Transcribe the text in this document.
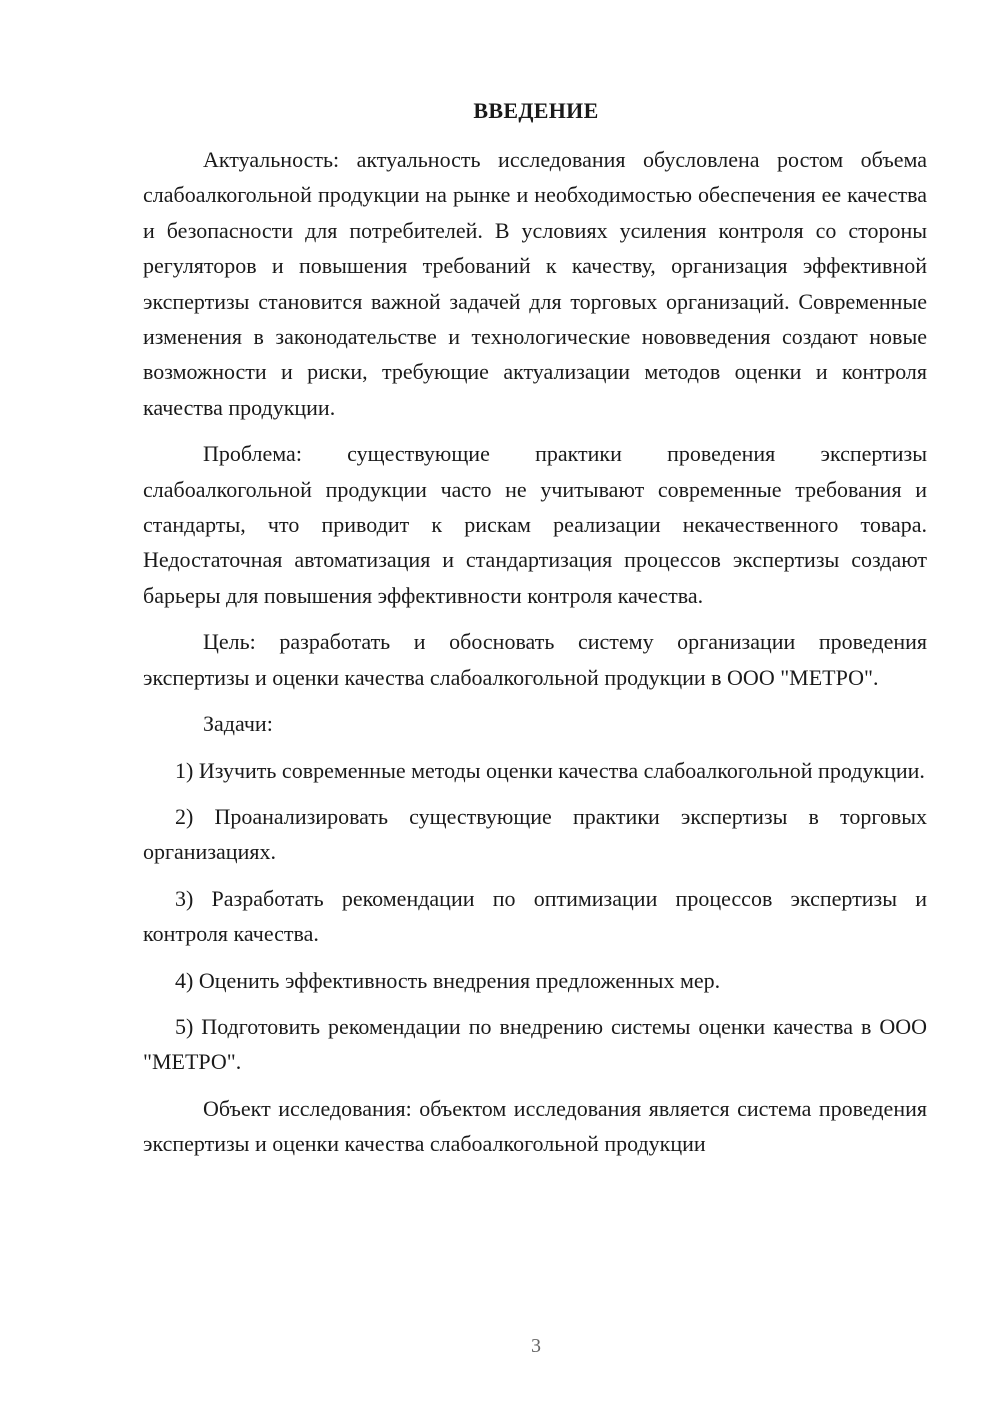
ВВЕДЕНИЕ

Актуальность: актуальность исследования обусловлена ростом объема слабоалкогольной продукции на рынке и необходимостью обеспечения ее качества и безопасности для потребителей. В условиях усиления контроля со стороны регуляторов и повышения требований к качеству, организация эффективной экспертизы становится важной задачей для торговых организаций. Современные изменения в законодательстве и технологические нововведения создают новые возможности и риски, требующие актуализации методов оценки и контроля качества продукции.

Проблема: существующие практики проведения экспертизы слабоалкогольной продукции часто не учитывают современные требования и стандарты, что приводит к рискам реализации некачественного товара. Недостаточная автоматизация и стандартизация процессов экспертизы создают барьеры для повышения эффективности контроля качества.

Цель: разработать и обосновать систему организации проведения экспертизы и оценки качества слабоалкогольной продукции в ООО "МЕТРО".

Задачи:

1) Изучить современные методы оценки качества слабоалкогольной продукции.

2) Проанализировать существующие практики экспертизы в торговых организациях.

3) Разработать рекомендации по оптимизации процессов экспертизы и контроля качества.

4) Оценить эффективность внедрения предложенных мер.

5) Подготовить рекомендации по внедрению системы оценки качества в ООО "МЕТРО".

Объект исследования: объектом исследования является система проведения экспертизы и оценки качества слабоалкогольной продукции

3
